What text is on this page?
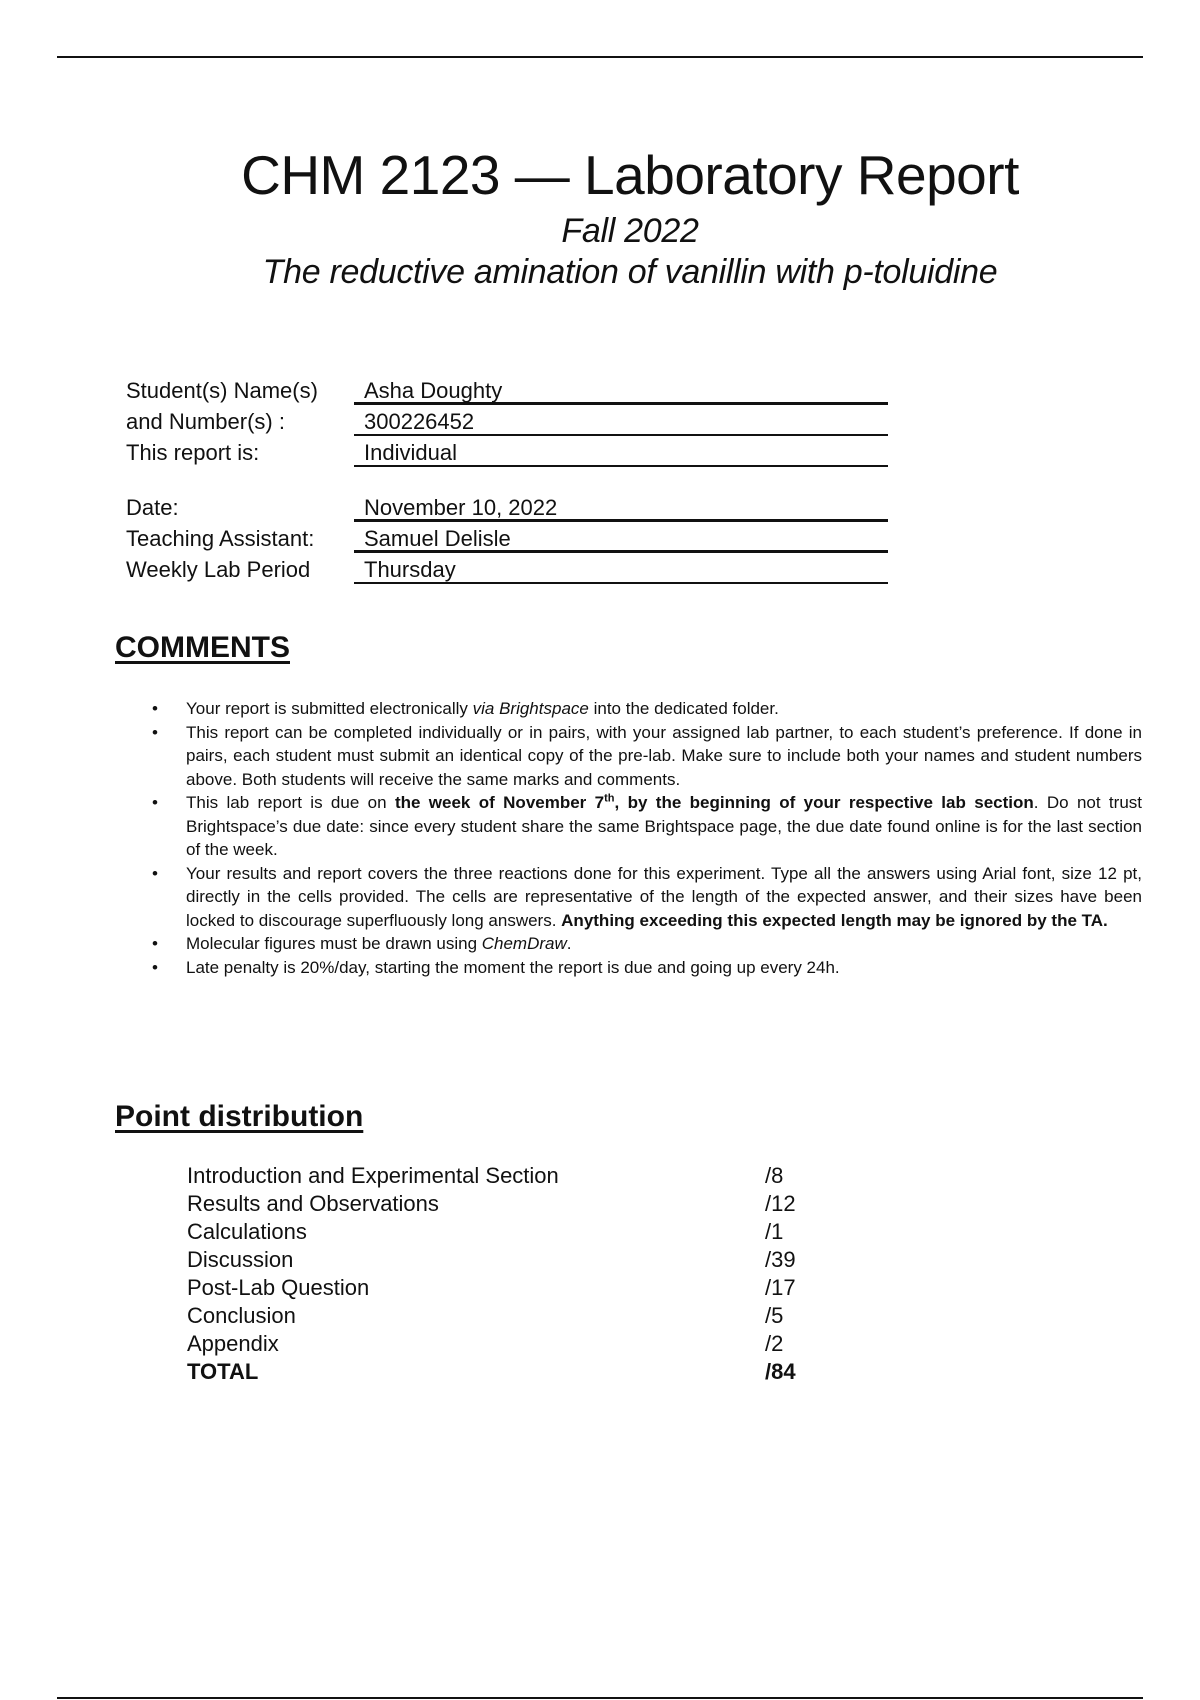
CHM 2123 — Laboratory Report
Fall 2022
The reductive amination of vanillin with p-toluidine
Student(s) Name(s)	Asha Doughty
and Number(s) :	300226452
This report is:	Individual
Date:	November 10, 2022
Teaching Assistant:	Samuel Delisle
Weekly Lab Period	Thursday
COMMENTS
• Your report is submitted electronically via Brightspace into the dedicated folder.
• This report can be completed individually or in pairs, with your assigned lab partner, to each student’s preference. If done in pairs, each student must submit an identical copy of the pre-lab. Make sure to include both your names and student numbers above. Both students will receive the same marks and comments.
• This lab report is due on the week of November 7th, by the beginning of your respective lab section. Do not trust Brightspace’s due date: since every student share the same Brightspace page, the due date found online is for the last section of the week.
• Your results and report covers the three reactions done for this experiment. Type all the answers using Arial font, size 12 pt, directly in the cells provided. The cells are representative of the length of the expected answer, and their sizes have been locked to discourage superfluously long answers. Anything exceeding this expected length may be ignored by the TA.
• Molecular figures must be drawn using ChemDraw.
• Late penalty is 20%/day, starting the moment the report is due and going up every 24h.
Point distribution
Introduction and Experimental Section	/8
Results and Observations	/12
Calculations	/1
Discussion	/39
Post-Lab Question	/17
Conclusion	/5
Appendix	/2
TOTAL	/84
